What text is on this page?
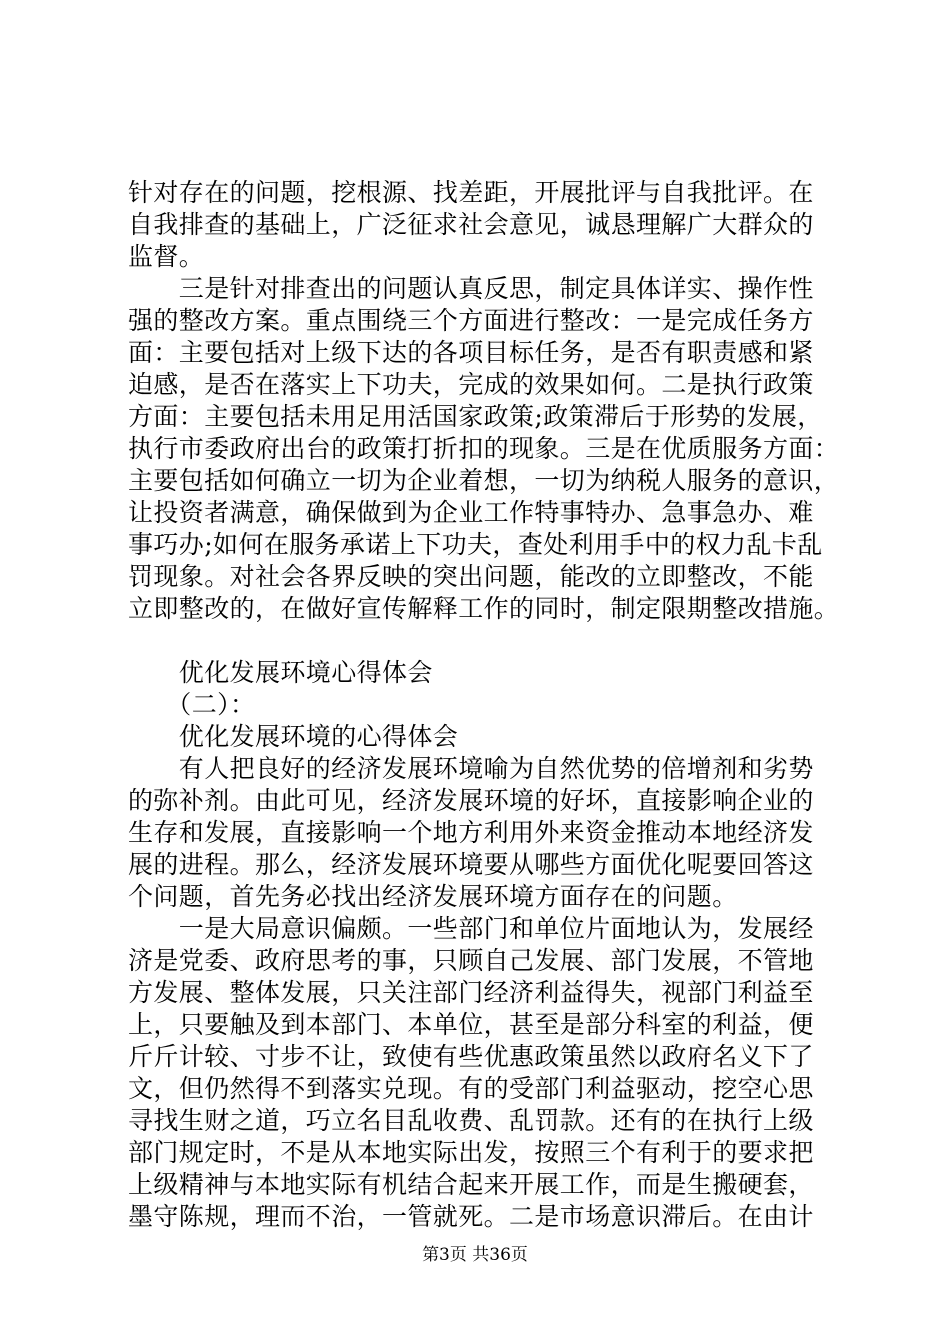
针对存在的问题，挖根源、找差距，开展批评与自我批评。在
自我排查的基础上，广泛征求社会意见，诚恳理解广大群众的
监督。
　　三是针对排查出的问题认真反思，制定具体详实、操作性
强的整改方案。重点围绕三个方面进行整改：一是完成任务方
面：主要包括对上级下达的各项目标任务，是否有职责感和紧
迫感，是否在落实上下功夫，完成的效果如何。二是执行政策
方面：主要包括未用足用活国家政策;政策滞后于形势的发展，
执行市委政府出台的政策打折扣的现象。三是在优质服务方面：
主要包括如何确立一切为企业着想，一切为纳税人服务的意识，
让投资者满意，确保做到为企业工作特事特办、急事急办、难
事巧办;如何在服务承诺上下功夫，查处利用手中的权力乱卡乱
罚现象。对社会各界反映的突出问题，能改的立即整改，不能
立即整改的，在做好宣传解释工作的同时，制定限期整改措施。
　　优化发展环境心得体会
　　（二）：
　　优化发展环境的心得体会
　　有人把良好的经济发展环境喻为自然优势的倍增剂和劣势
的弥补剂。由此可见，经济发展环境的好坏，直接影响企业的
生存和发展，直接影响一个地方利用外来资金推动本地经济发
展的进程。那么，经济发展环境要从哪些方面优化呢要回答这
个问题，首先务必找出经济发展环境方面存在的问题。
　　一是大局意识偏颇。一些部门和单位片面地认为，发展经
济是党委、政府思考的事，只顾自己发展、部门发展，不管地
方发展、整体发展，只关注部门经济利益得失，视部门利益至
上，只要触及到本部门、本单位，甚至是部分科室的利益，便
斤斤计较、寸步不让，致使有些优惠政策虽然以政府名义下了
文，但仍然得不到落实兑现。有的受部门利益驱动，挖空心思
寻找生财之道，巧立名目乱收费、乱罚款。还有的在执行上级
部门规定时，不是从本地实际出发，按照三个有利于的要求把
上级精神与本地实际有机结合起来开展工作，而是生搬硬套，
墨守陈规，理而不治，一管就死。二是市场意识滞后。在由计
第3页 共36页
